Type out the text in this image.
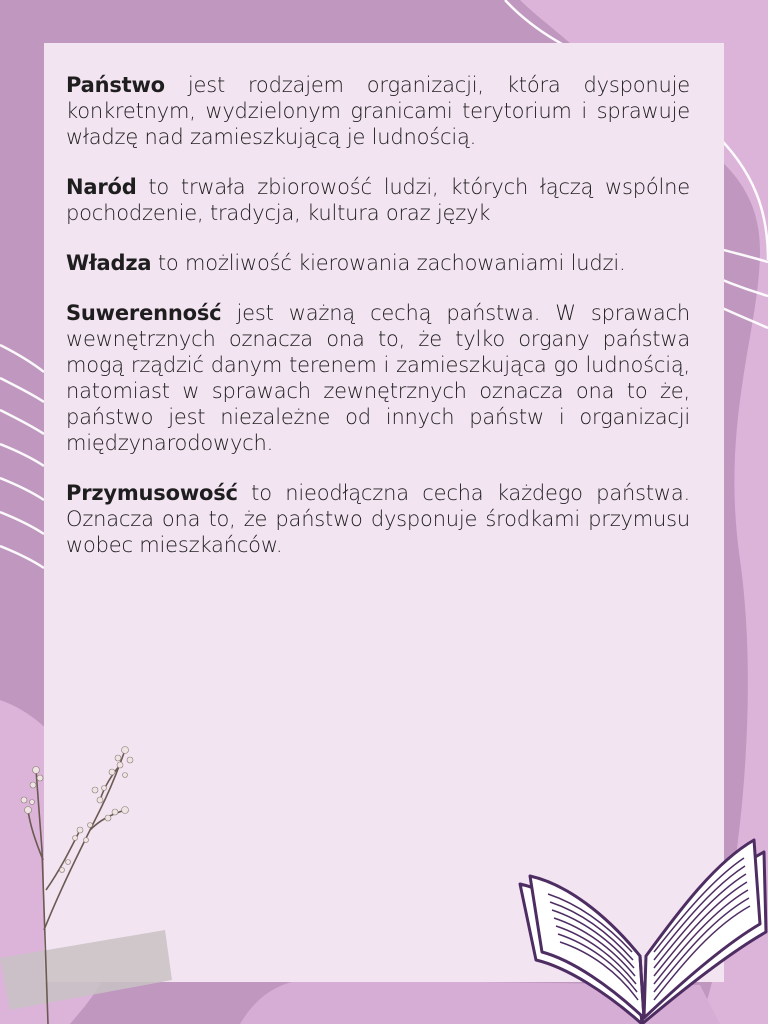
Państwo jest rodzajem organizacji, która dysponuje konkretnym, wydzielonym granicami terytorium i sprawuje władzę nad zamieszkującą je ludnością.

Naród to trwała zbiorowość ludzi, których łączą wspólne pochodzenie, tradycja, kultura oraz język

Władza to możliwość kierowania zachowaniami ludzi.

Suwerenność jest ważną cechą państwa. W sprawach wewnętrznych oznacza ona to, że tylko organy państwa mogą rządzić danym terenem i zamieszkująca go ludnością, natomiast w sprawach zewnętrznych oznacza ona to że, państwo jest niezależne od innych państw i organizacji międzynarodowych.

Przymusowość to nieodłączna cecha każdego państwa. Oznacza ona to, że państwo dysponuje środkami przymusu wobec mieszkańców.
